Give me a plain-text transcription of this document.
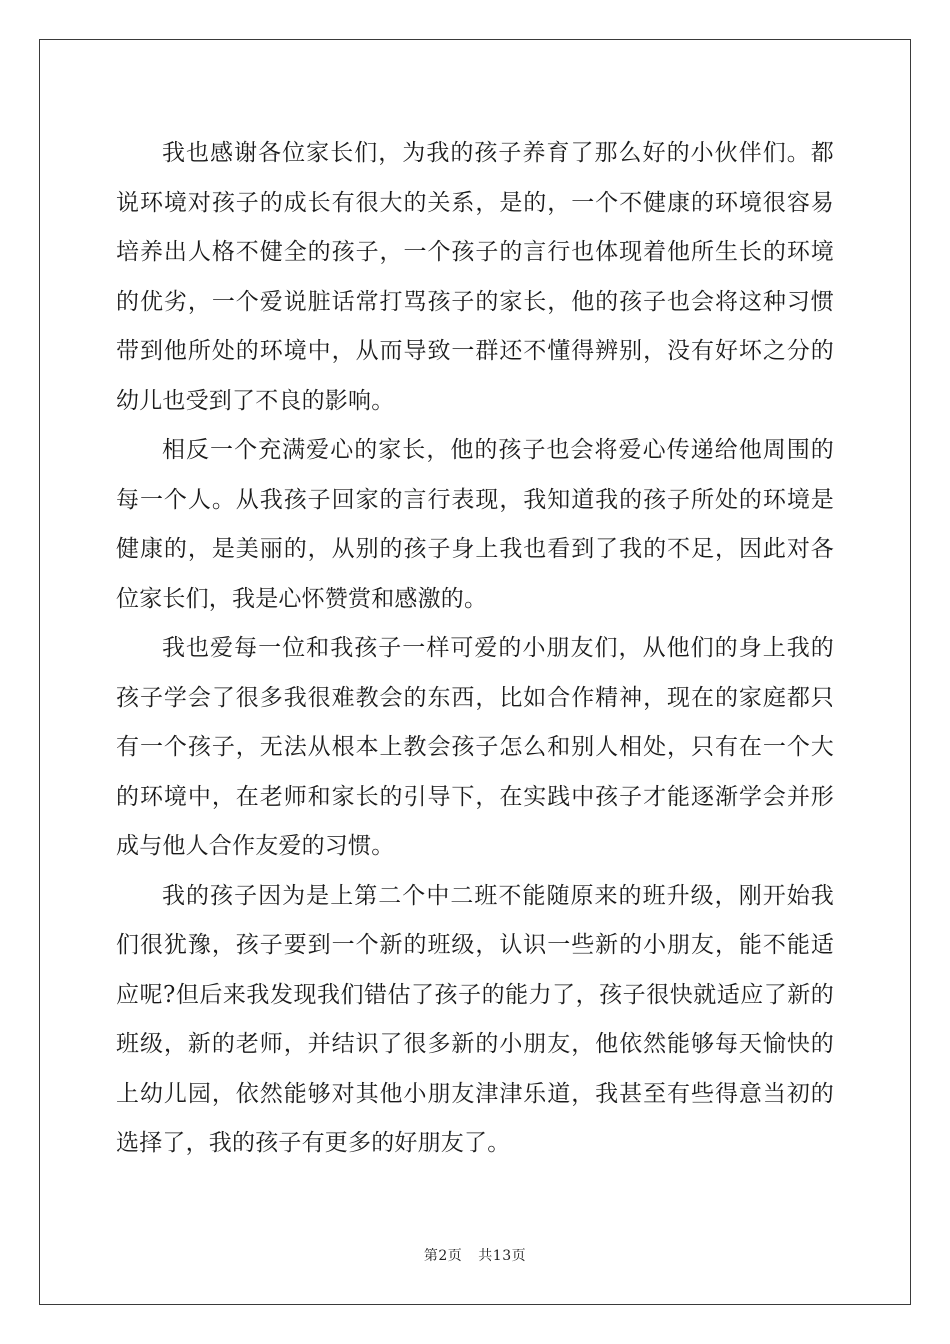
我也感谢各位家长们，为我的孩子养育了那么好的小伙伴们。都说环境对孩子的成长有很大的关系，是的，一个不健康的环境很容易培养出人格不健全的孩子，一个孩子的言行也体现着他所生长的环境的优劣，一个爱说脏话常打骂孩子的家长，他的孩子也会将这种习惯带到他所处的环境中，从而导致一群还不懂得辨别，没有好坏之分的幼儿也受到了不良的影响。

相反一个充满爱心的家长，他的孩子也会将爱心传递给他周围的每一个人。从我孩子回家的言行表现，我知道我的孩子所处的环境是健康的，是美丽的，从别的孩子身上我也看到了我的不足，因此对各位家长们，我是心怀赞赏和感激的。

我也爱每一位和我孩子一样可爱的小朋友们，从他们的身上我的孩子学会了很多我很难教会的东西，比如合作精神，现在的家庭都只有一个孩子，无法从根本上教会孩子怎么和别人相处，只有在一个大的环境中，在老师和家长的引导下，在实践中孩子才能逐渐学会并形成与他人合作友爱的习惯。

我的孩子因为是上第二个中二班不能随原来的班升级，刚开始我们很犹豫，孩子要到一个新的班级，认识一些新的小朋友，能不能适应呢?但后来我发现我们错估了孩子的能力了，孩子很快就适应了新的班级，新的老师，并结识了很多新的小朋友，他依然能够每天愉快的上幼儿园，依然能够对其他小朋友津津乐道，我甚至有些得意当初的选择了，我的孩子有更多的好朋友了。

第2页 共13页
